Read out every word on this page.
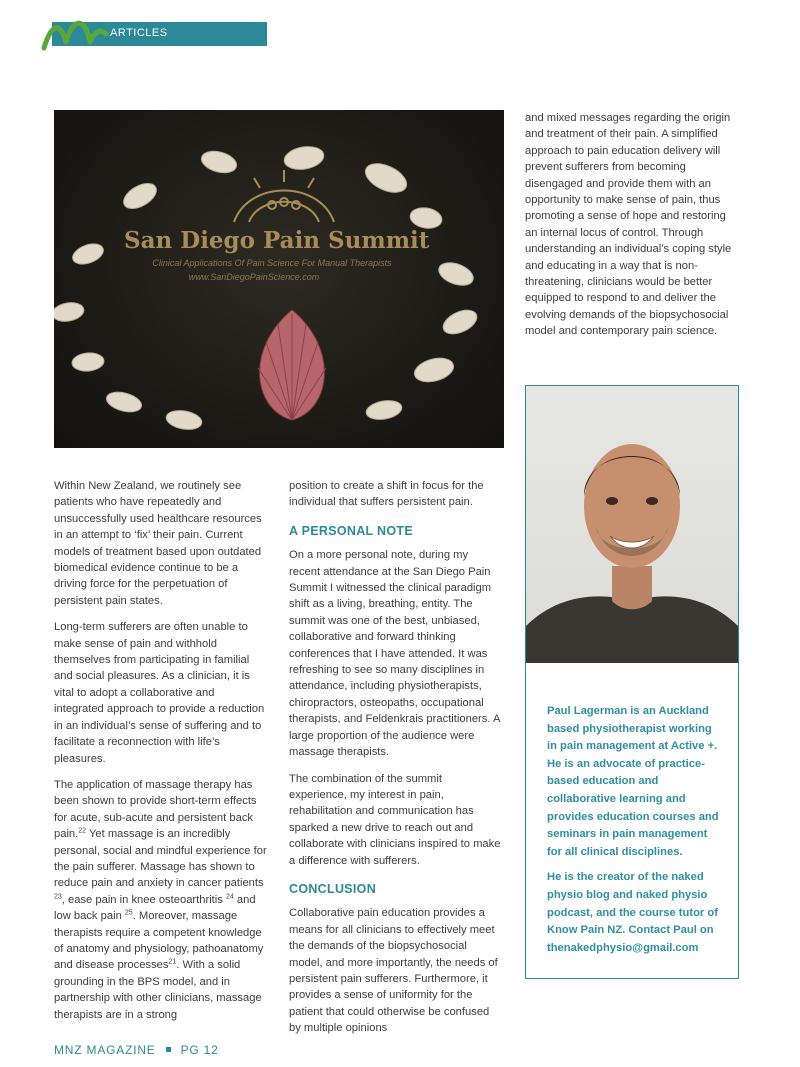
ARTICLES
San Diego Pain Summit
Clinical Applications Of Pain Science For Manual Therapists
www.SanDiegoPainScience.com

Within New Zealand, we routinely see patients who have repeatedly and unsuccessfully used healthcare resources in an attempt to ‘fix’ their pain. Current models of treatment based upon outdated biomedical evidence continue to be a driving force for the perpetuation of persistent pain states.

Long-term sufferers are often unable to make sense of pain and withhold themselves from participating in familial and social pleasures. As a clinician, it is vital to adopt a collaborative and integrated approach to provide a reduction in an individual’s sense of suffering and to facilitate a reconnection with life’s pleasures.

The application of massage therapy has been shown to provide short-term effects for acute, sub-acute and persistent back pain.$^{22}$ Yet massage is an incredibly personal, social and mindful experience for the pain sufferer. Massage has shown to reduce pain and anxiety in cancer patients $^{23}$, ease pain in knee osteoarthritis $^{24}$ and low back pain $^{25}$. Moreover, massage therapists require a competent knowledge of anatomy and physiology, pathoanatomy and disease processes$^{21}$. With a solid grounding in the BPS model, and in partnership with other clinicians, massage therapists are in a strong

position to create a shift in focus for the individual that suffers persistent pain.

A PERSONAL NOTE

On a more personal note, during my recent attendance at the San Diego Pain Summit I witnessed the clinical paradigm shift as a living, breathing, entity. The summit was one of the best, unbiased, collaborative and forward thinking conferences that I have attended. It was refreshing to see so many disciplines in attendance, including physiotherapists, chiropractors, osteopaths, occupational therapists, and Feldenkrais practitioners. A large proportion of the audience were massage therapists.

The combination of the summit experience, my interest in pain, rehabilitation and communication has sparked a new drive to reach out and collaborate with clinicians inspired to make a difference with sufferers.

CONCLUSION

Collaborative pain education provides a means for all clinicians to effectively meet the demands of the biopsychosocial model, and more importantly, the needs of persistent pain sufferers. Furthermore, it provides a sense of uniformity for the patient that could otherwise be confused by multiple opinions

and mixed messages regarding the origin and treatment of their pain. A simplified approach to pain education delivery will prevent sufferers from becoming disengaged and provide them with an opportunity to make sense of pain, thus promoting a sense of hope and restoring an internal locus of control. Through understanding an individual’s coping style and educating in a way that is non-threatening, clinicians would be better equipped to respond to and deliver the evolving demands of the biopsychosocial model and contemporary pain science.

Paul Lagerman is an Auckland based physiotherapist working in pain management at Active +. He is an advocate of practice-based education and collaborative learning and provides education courses and seminars in pain management for all clinical disciplines.

He is the creator of the naked physio blog and naked physio podcast, and the course tutor of Know Pain NZ. Contact Paul on thenakedphysio@gmail.com

MNZ MAGAZINE PG 12
